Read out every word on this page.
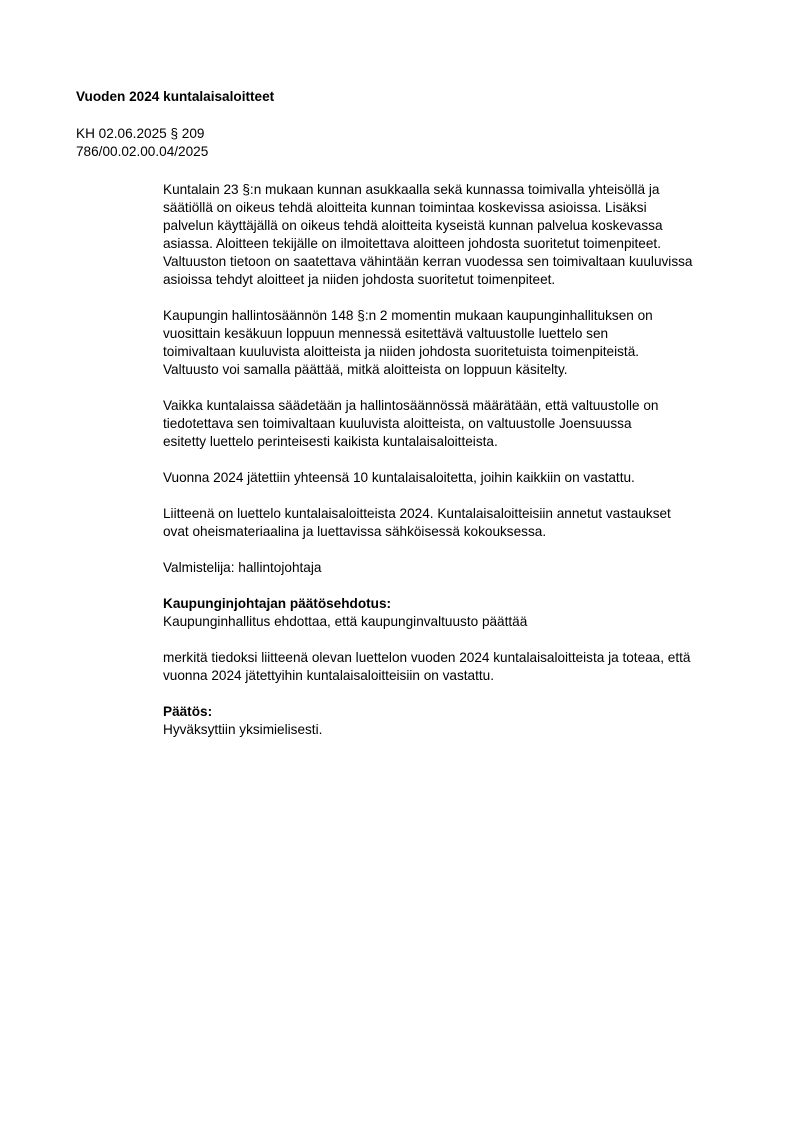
Vuoden 2024 kuntalaisaloitteet
KH 02.06.2025 § 209
786/00.02.00.04/2025

Kuntalain 23 §:n mukaan kunnan asukkaalla sekä kunnassa toimivalla yhteisöllä ja
säätiöllä on oikeus tehdä aloitteita kunnan toimintaa koskevissa asioissa. Lisäksi
palvelun käyttäjällä on oikeus tehdä aloitteita kyseistä kunnan palvelua koskevassa
asiassa. Aloitteen tekijälle on ilmoitettava aloitteen johdosta suoritetut toimenpiteet.
Valtuuston tietoon on saatettava vähintään kerran vuodessa sen toimivaltaan kuuluvissa
asioissa tehdyt aloitteet ja niiden johdosta suoritetut toimenpiteet.

Kaupungin hallintosäännön 148 §:n 2 momentin mukaan kaupunginhallituksen on
vuosittain kesäkuun loppuun mennessä esitettävä valtuustolle luettelo sen
toimivaltaan kuuluvista aloitteista ja niiden johdosta suoritetuista toimenpiteistä.
Valtuusto voi samalla päättää, mitkä aloitteista on loppuun käsitelty.

Vaikka kuntalaissa säädetään ja hallintosäännössä määrätään, että valtuustolle on
tiedotettava sen toimivaltaan kuuluvista aloitteista, on valtuustolle Joensuussa
esitetty luettelo perinteisesti kaikista kuntalaisaloitteista.

Vuonna 2024 jätettiin yhteensä 10 kuntalaisaloitetta, joihin kaikkiin on vastattu.

Liitteenä on luettelo kuntalaisaloitteista 2024. Kuntalaisaloitteisiin annetut vastaukset
ovat oheismateriaalina ja luettavissa sähköisessä kokouksessa.

Valmistelija: hallintojohtaja

Kaupunginjohtajan päätösehdotus:
Kaupunginhallitus ehdottaa, että kaupunginvaltuusto päättää

merkitä tiedoksi liitteenä olevan luettelon vuoden 2024 kuntalaisaloitteista ja toteaa, että
vuonna 2024 jätettyihin kuntalaisaloitteisiin on vastattu.

Päätös:
Hyväksyttiin yksimielisesti.
